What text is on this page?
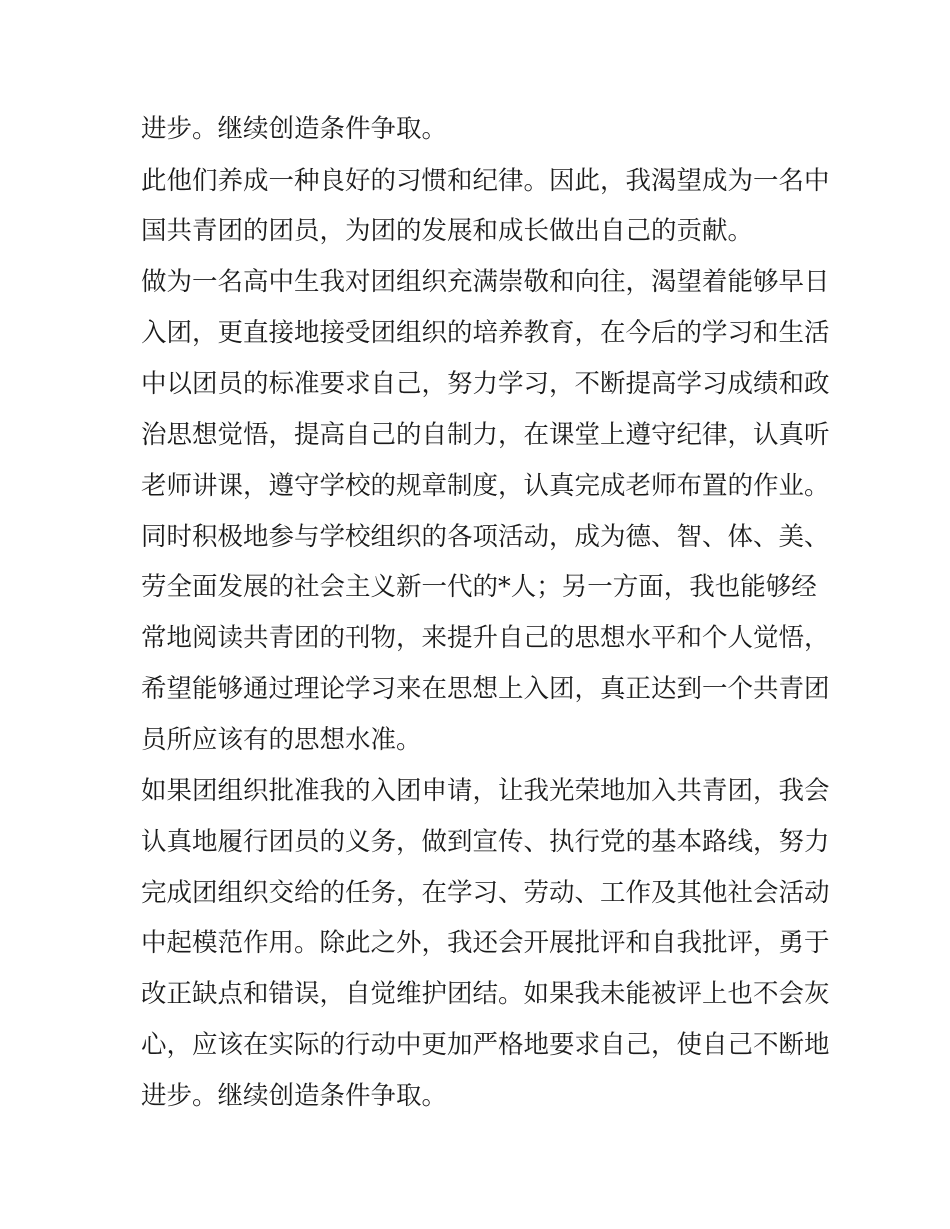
进步。继续创造条件争取。

此他们养成一种良好的习惯和纪律。因此，我渴望成为一名中

国共青团的团员，为团的发展和成长做出自己的贡献。

做为一名高中生我对团组织充满崇敬和向往，渴望着能够早日

入团，更直接地接受团组织的培养教育，在今后的学习和生活

中以团员的标准要求自己，努力学习，不断提高学习成绩和政

治思想觉悟，提高自己的自制力，在课堂上遵守纪律，认真听

老师讲课，遵守学校的规章制度，认真完成老师布置的作业。

同时积极地参与学校组织的各项活动，成为德、智、体、美、

劳全面发展的社会主义新一代的*人；另一方面，我也能够经

常地阅读共青团的刊物，来提升自己的思想水平和个人觉悟，

希望能够通过理论学习来在思想上入团，真正达到一个共青团

员所应该有的思想水准。

如果团组织批准我的入团申请，让我光荣地加入共青团，我会

认真地履行团员的义务，做到宣传、执行党的基本路线，努力

完成团组织交给的任务，在学习、劳动、工作及其他社会活动

中起模范作用。除此之外，我还会开展批评和自我批评，勇于

改正缺点和错误，自觉维护团结。如果我未能被评上也不会灰

心，应该在实际的行动中更加严格地要求自己，使自己不断地

进步。继续创造条件争取。
